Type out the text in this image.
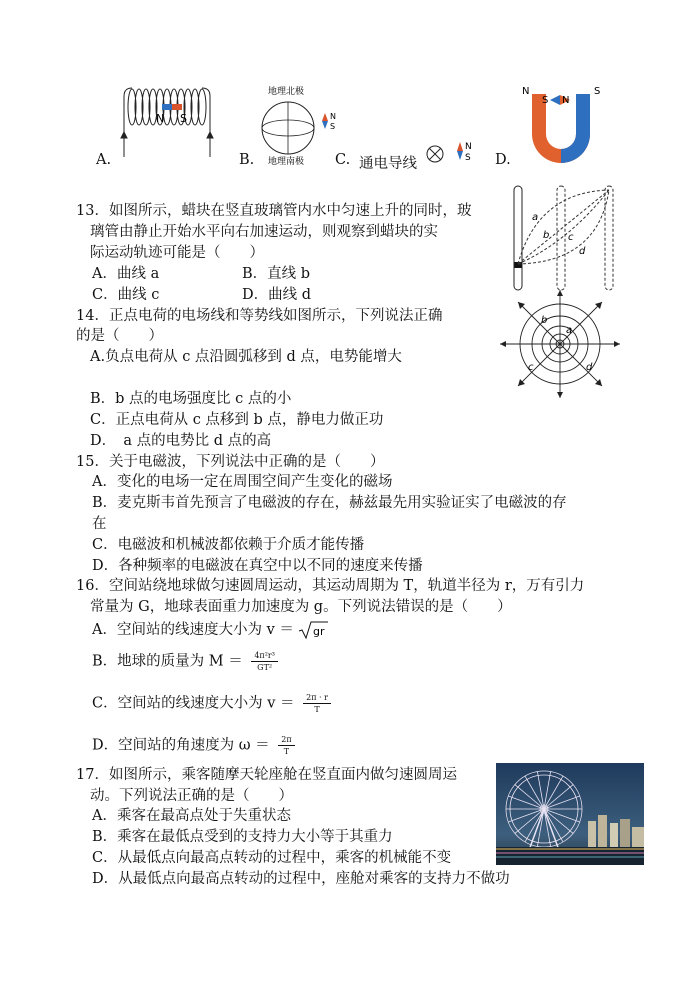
N S
A.
地理北极
地理南极
N
S
B.	C. 通电导线
N
S D.
N	S
S N
13．如图所示，蜡块在竖直玻璃管内水中匀速上升的同时，玻
璃管由静止开始水平向右加速运动，则观察到蜡块的实
际运动轨迹可能是（　　）
A．曲线 a	B．直线 b
C．曲线 c	D．曲线 d
a
b c
d
14．正点电荷的电场线和等势线如图所示，下列说法正确
的是（　　）
A.负点电荷从 c 点沿圆弧移到 d 点，电势能增大
B．b 点的电场强度比 c 点的小
C．正点电荷从 c 点移到 b 点，静电力做正功
D．　a 点的电势比 d 点的高
a
b
c	d
15．关于电磁波，下列说法中正确的是（　　）
A．变化的电场一定在周围空间产生变化的磁场
B．麦克斯韦首先预言了电磁波的存在，赫兹最先用实验证实了电磁波的存
在
C．电磁波和机械波都依赖于介质才能传播
D．各种频率的电磁波在真空中以不同的速度来传播
16．空间站绕地球做匀速圆周运动，其运动周期为 T，轨道半径为 r，万有引力
常量为 G，地球表面重力加速度为 g。下列说法错误的是（　　）
A．空间站的线速度大小为 v ＝ gr
B．地球的质量为 $M = \frac{\text{4π²r³}}{\text{GT²}}$
C．空间站的线速度大小为 $v = \frac{2\pi \cdot r}{T}$
D．空间站的角速度为 $\omega = \frac{2\pi}{T}$
17．如图所示，乘客随摩天轮座舱在竖直面内做匀速圆周运
动。下列说法正确的是（　　）
A．乘客在最高点处于失重状态
B．乘客在最低点受到的支持力大小等于其重力
C．从最低点向最高点转动的过程中，乘客的机械能不变
D．从最低点向最高点转动的过程中，座舱对乘客的支持力不做功
